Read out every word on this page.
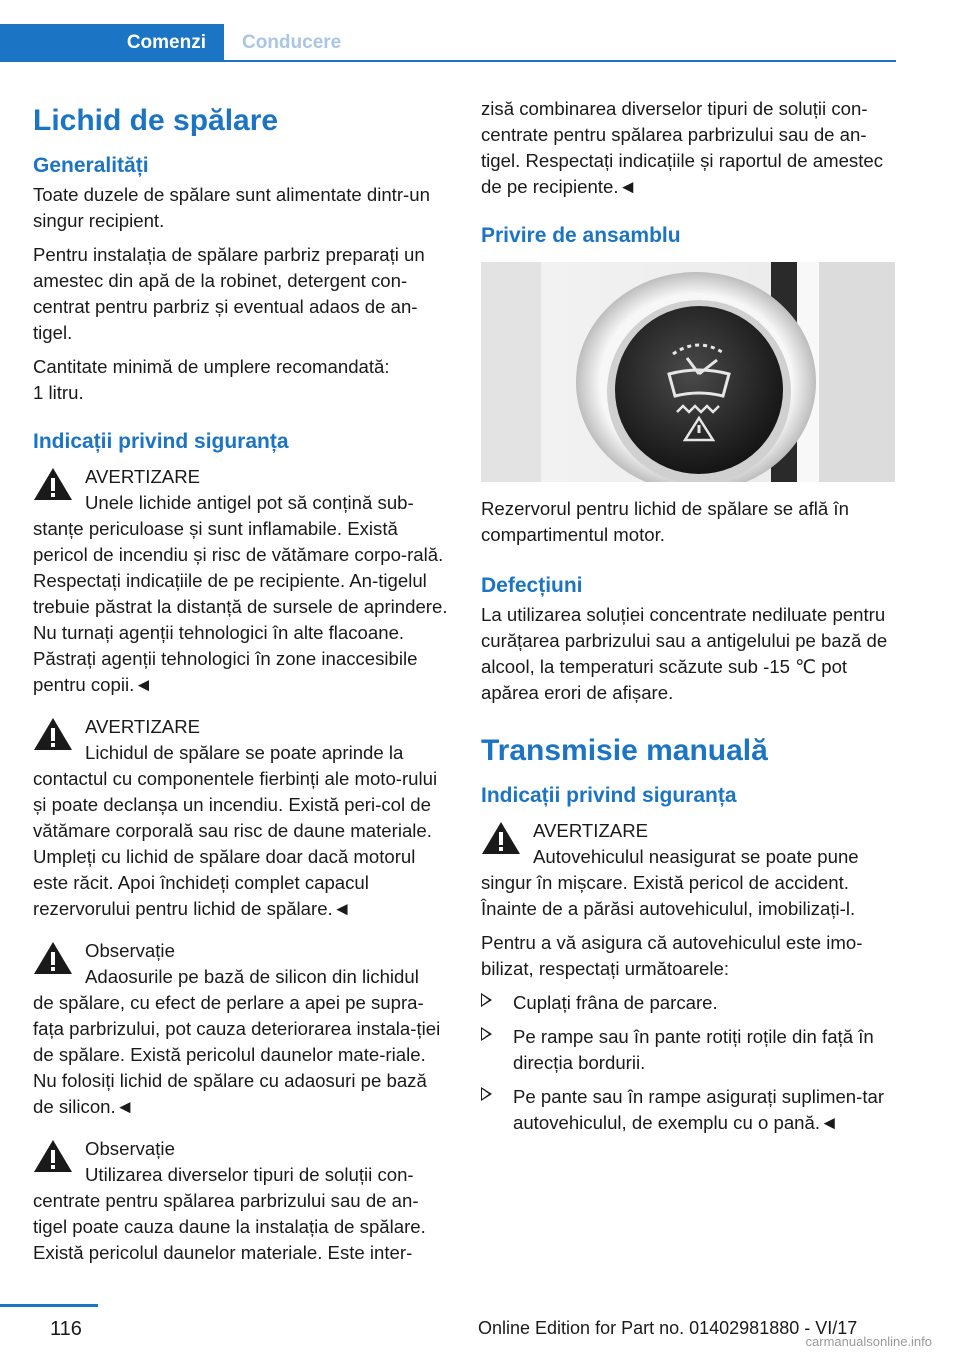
Comenzi	Conducere
Lichid de spălare
Generalități

Toate duzele de spălare sunt alimentate dintr-un singur recipient.

Pentru instalația de spălare parbriz preparați un amestec din apă de la robinet, detergent con-centrat pentru parbriz și eventual adaos de an-tigel.

Cantitate minimă de umplere recomandată:
1 litru.

Indicații privind siguranța
AVERTIZARE

Unele lichide antigel pot să conțină sub-
stanțe periculoase și sunt inflamabile. Există pericol de incendiu și risc de vătămare corpo-rală. Respectați indicațiile de pe recipiente. An-tigelul trebuie păstrat la distanță de sursele de aprindere. Nu turnați agenții tehnologici în alte flacoane. Păstrați agenții tehnologici în zone inaccesibile pentru copii.◄

AVERTIZARE

Lichidul de spălare se poate aprinde la
contactul cu componentele fierbinți ale moto-rului și poate declanșa un incendiu. Există peri-col de vătămare corporală sau risc de daune materiale. Umpleți cu lichid de spălare doar dacă motorul este răcit. Apoi închideți complet capacul rezervorului pentru lichid de spălare.◄

Observație

Adaosurile pe bază de silicon din lichidul
de spălare, cu efect de perlare a apei pe supra-fața parbrizului, pot cauza deteriorarea instala-ției de spălare. Există pericolul daunelor mate-riale. Nu folosiți lichid de spălare cu adaosuri pe bază de silicon.◄

Observație

Utilizarea diverselor tipuri de soluții con-
centrate pentru spălarea parbrizului sau de an-tigel poate cauza daune la instalația de spălare. Există pericolul daunelor materiale. Este inter-

zisă combinarea diverselor tipuri de soluții con-centrate pentru spălarea parbrizului sau de an-tigel. Respectați indicațiile și raportul de amestec de pe recipiente.◄

Privire de ansamblu

Rezervorul pentru lichid de spălare se află în compartimentul motor.

Defecțiuni

La utilizarea soluției concentrate nediluate pentru curățarea parbrizului sau a antigelului pe bază de alcool, la temperaturi scăzute sub -15 ℃ pot apărea erori de afișare.

Transmisie manuală
Indicații privind siguranța
AVERTIZARE

Autovehiculul neasigurat se poate pune
singur în mișcare. Există pericol de accident. Înainte de a părăsi autovehiculul, imobilizați-l.

Pentru a vă asigura că autovehiculul este imo-bilizat, respectați următoarele:

Cuplați frâna de parcare.
Pe rampe sau în pante rotiți roțile din față în direcția bordurii.
Pe pante sau în rampe asigurați suplimen-tar autovehiculul, de exemplu cu o pană.◄
116	Online Edition for Part no. 01402981880 - VI/17
carmanualsonline.info
